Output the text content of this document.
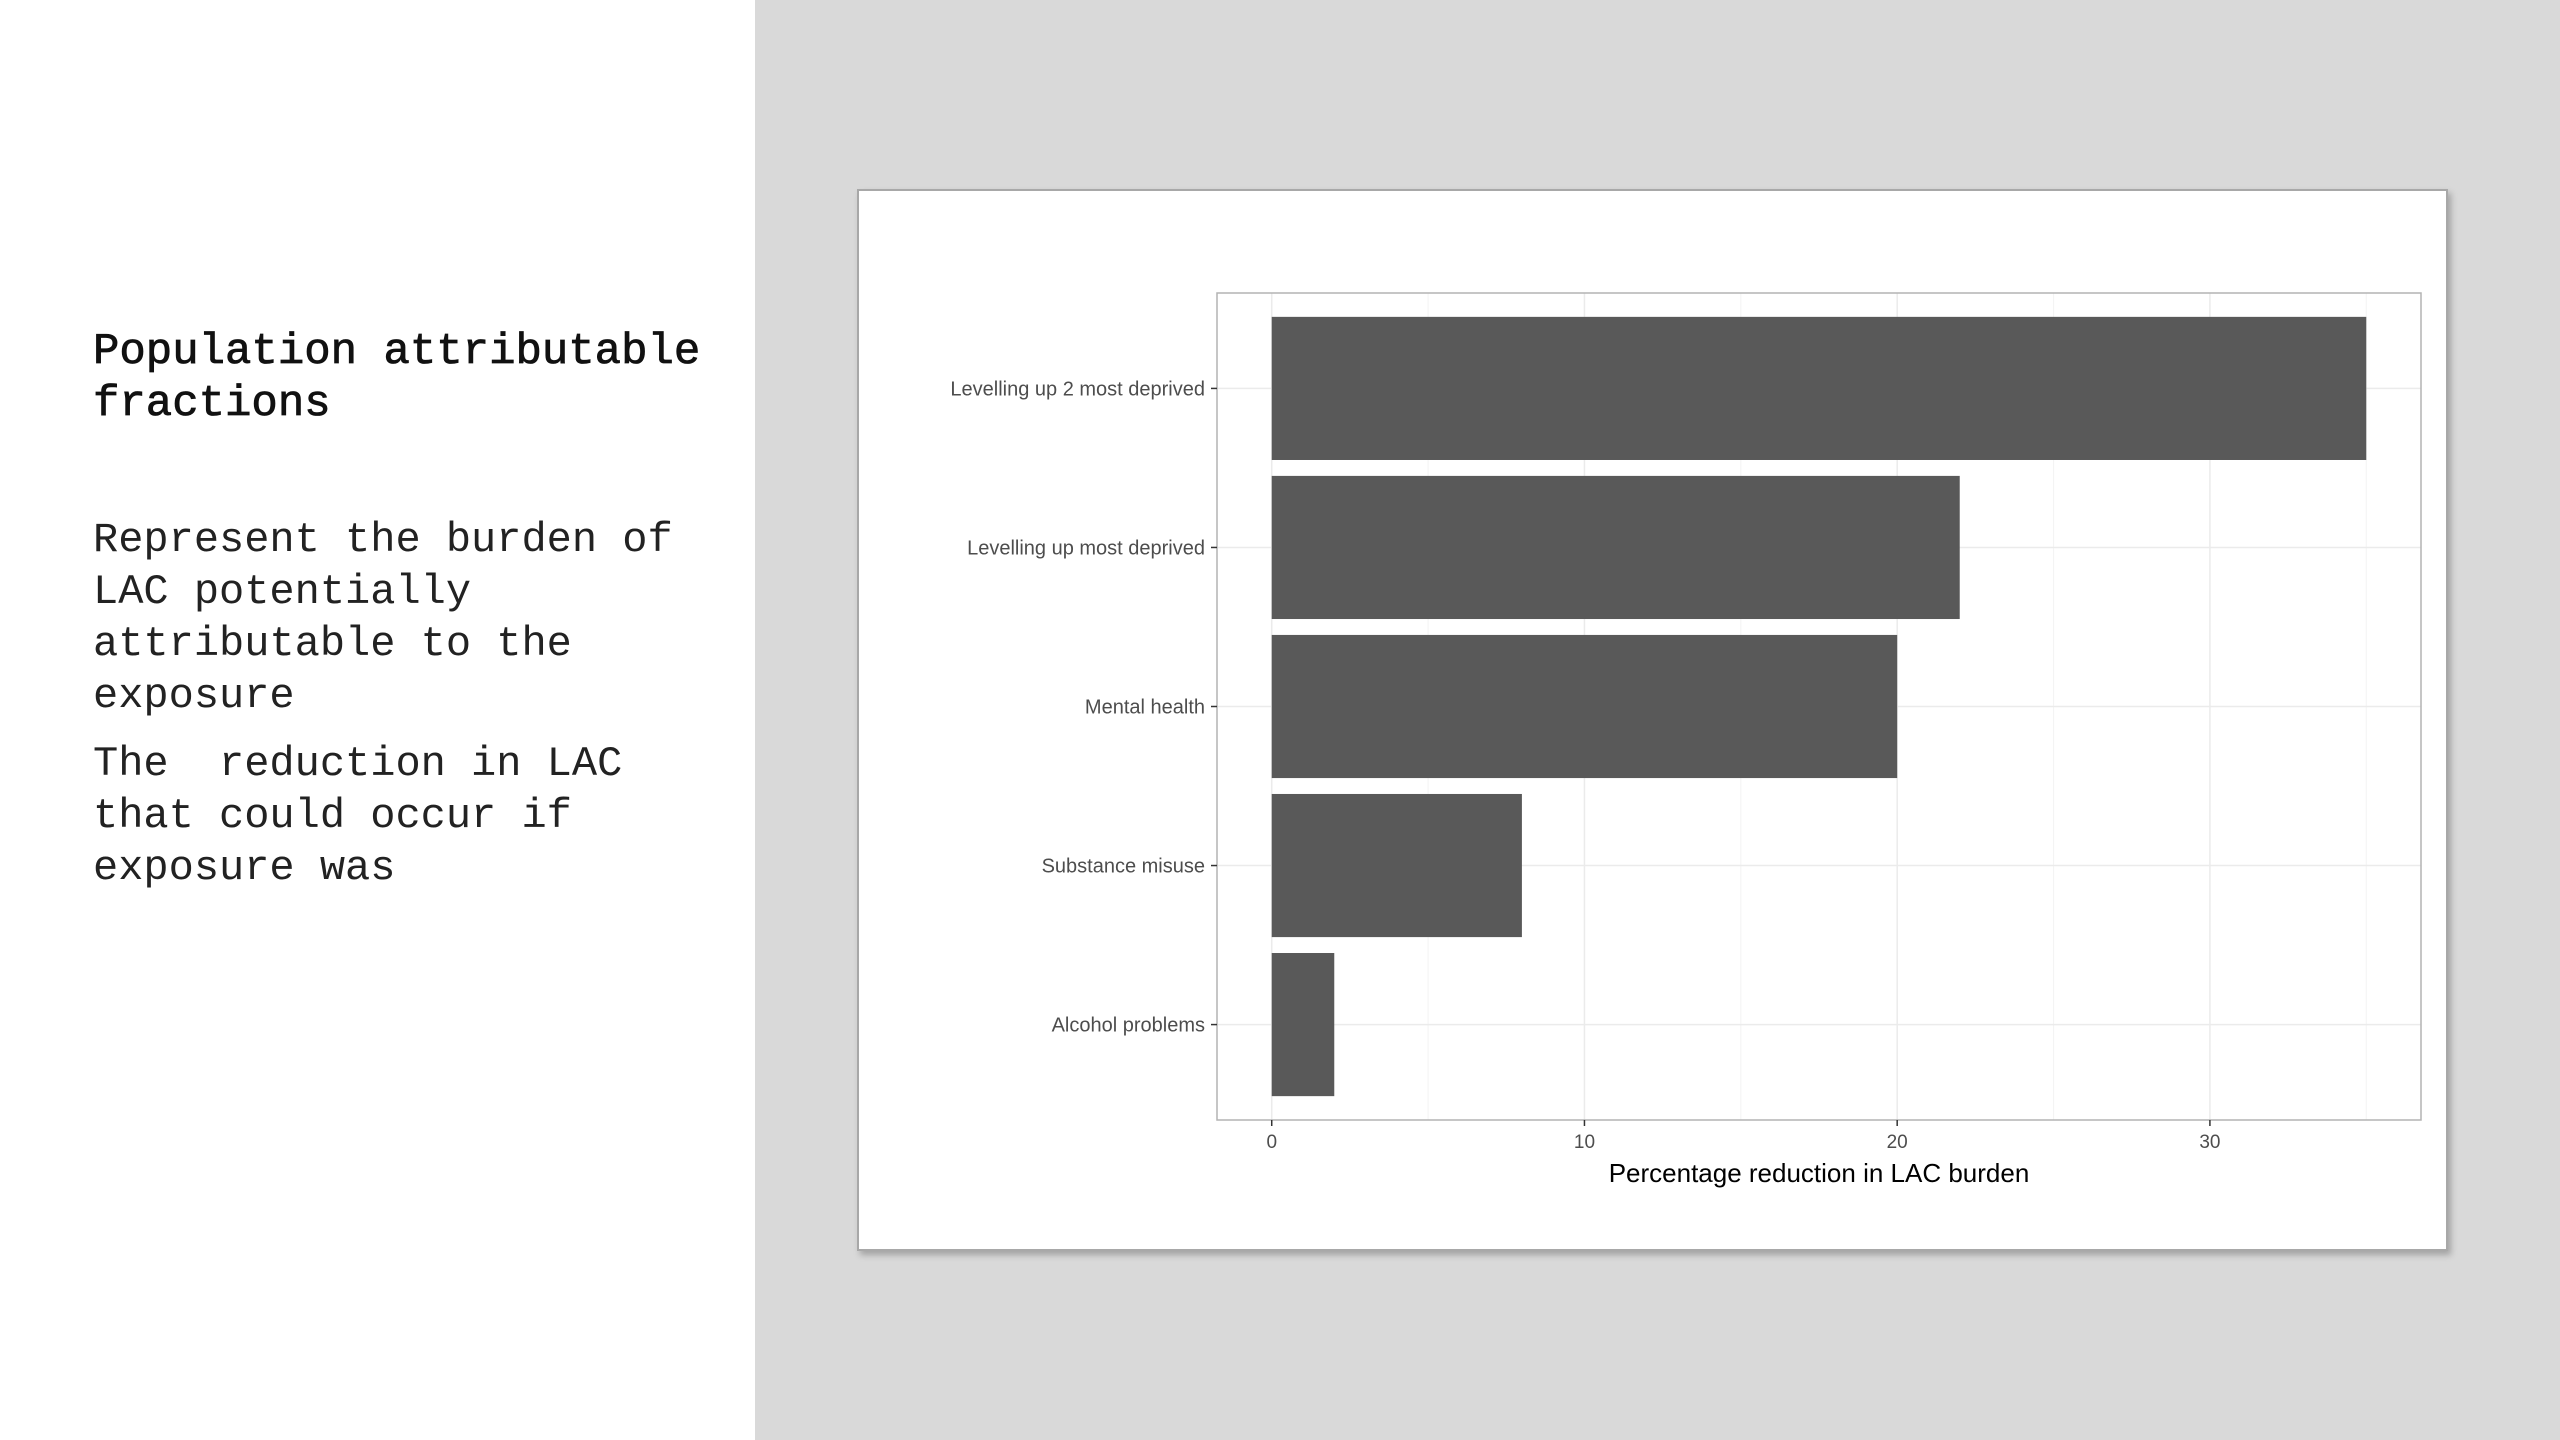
Population attributable fractions

Represent the burden of LAC potentially attributable to the exposure

The  reduction in LAC that could occur if exposure was

Levelling up 2 most deprived
Levelling up most deprived
Mental health
Substance misuse
Alcohol problems
0	10	20	30
Percentage reduction in LAC burden
